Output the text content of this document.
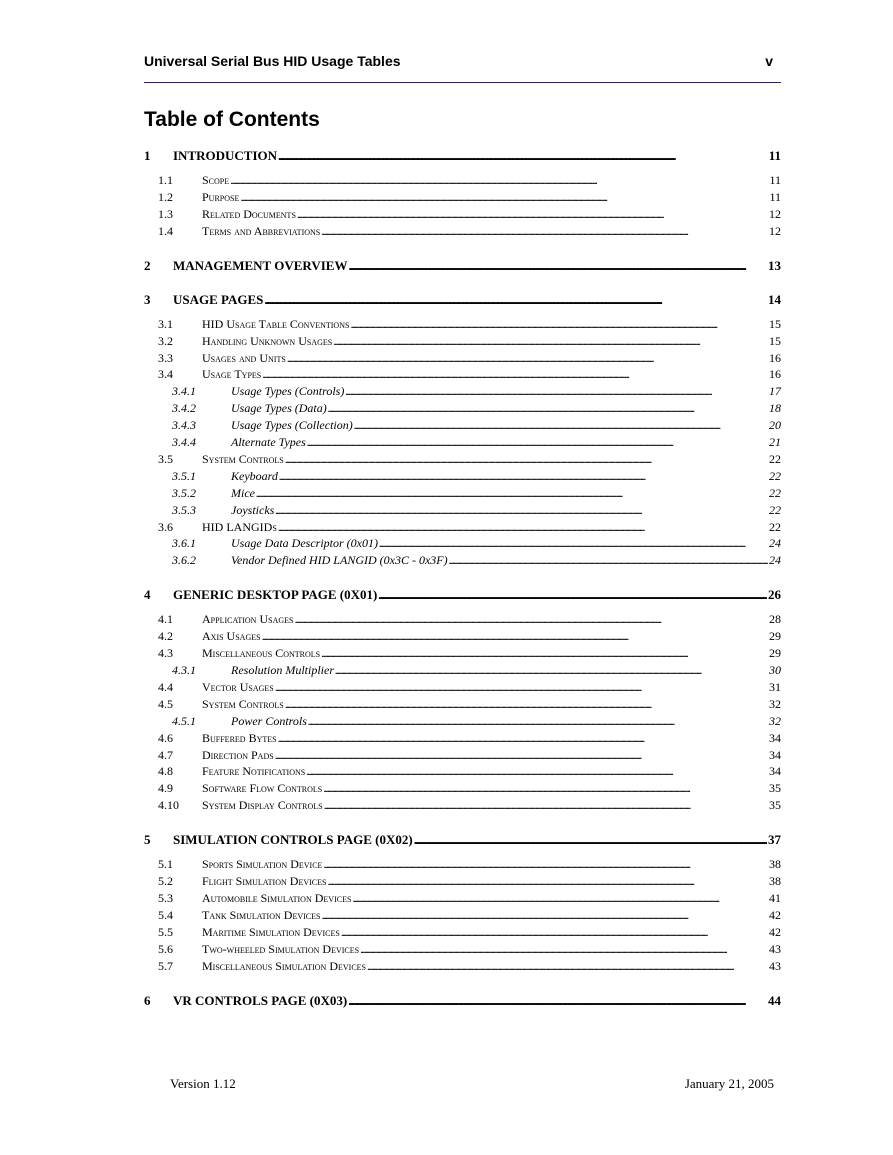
Universal Serial Bus HID Usage Tables	v
Table of Contents
1	INTRODUCTION . . .	11
1.1	Scope . . .	11
1.2	Purpose . . .	11
1.3	Related Documents . . .	12
1.4	Terms and Abbreviations . . .	12
2	MANAGEMENT OVERVIEW . . .	13
3	USAGE PAGES . . .	14
3.1	HID Usage Table Conventions . . .	15
3.2	Handling Unknown Usages . . .	15
3.3	Usages and Units . . .	16
3.4	Usage Types . . .	16
3.4.1	Usage Types (Controls) . . .	17
3.4.2	Usage Types (Data) . . .	18
3.4.3	Usage Types (Collection) . . .	20
3.4.4	Alternate Types . . .	21
3.5	System Controls . . .	22
3.5.1	Keyboard . . .	22
3.5.2	Mice . . .	22
3.5.3	Joysticks . . .	22
3.6	HID LANGIDs . . .	22
3.6.1	Usage Data Descriptor (0x01) . . .	24
3.6.2	Vendor Defined HID LANGID (0x3C - 0x3F) . . .	24
4	GENERIC DESKTOP PAGE (0X01) . . .	26
4.1	Application Usages . . .	28
4.2	Axis Usages . . .	29
4.3	Miscellaneous Controls . . .	29
4.3.1	Resolution Multiplier . . .	30
4.4	Vector Usages . . .	31
4.5	System Controls . . .	32
4.5.1	Power Controls . . .	32
4.6	Buffered Bytes . . .	34
4.7	Direction Pads . . .	34
4.8	Feature Notifications . . .	34
4.9	Software Flow Controls . . .	35
4.10	System Display Controls . . .	35
5	SIMULATION CONTROLS PAGE (0X02) . . .	37
5.1	Sports Simulation Device . . .	38
5.2	Flight Simulation Devices . . .	38
5.3	Automobile Simulation Devices . . .	41
5.4	Tank Simulation Devices . . .	42
5.5	Maritime Simulation Devices . . .	42
5.6	Two-wheeled Simulation Devices . . .	43
5.7	Miscellaneous Simulation Devices . . .	43
6	VR CONTROLS PAGE (0X03) . . .	44
Version 1.12	January 21, 2005
